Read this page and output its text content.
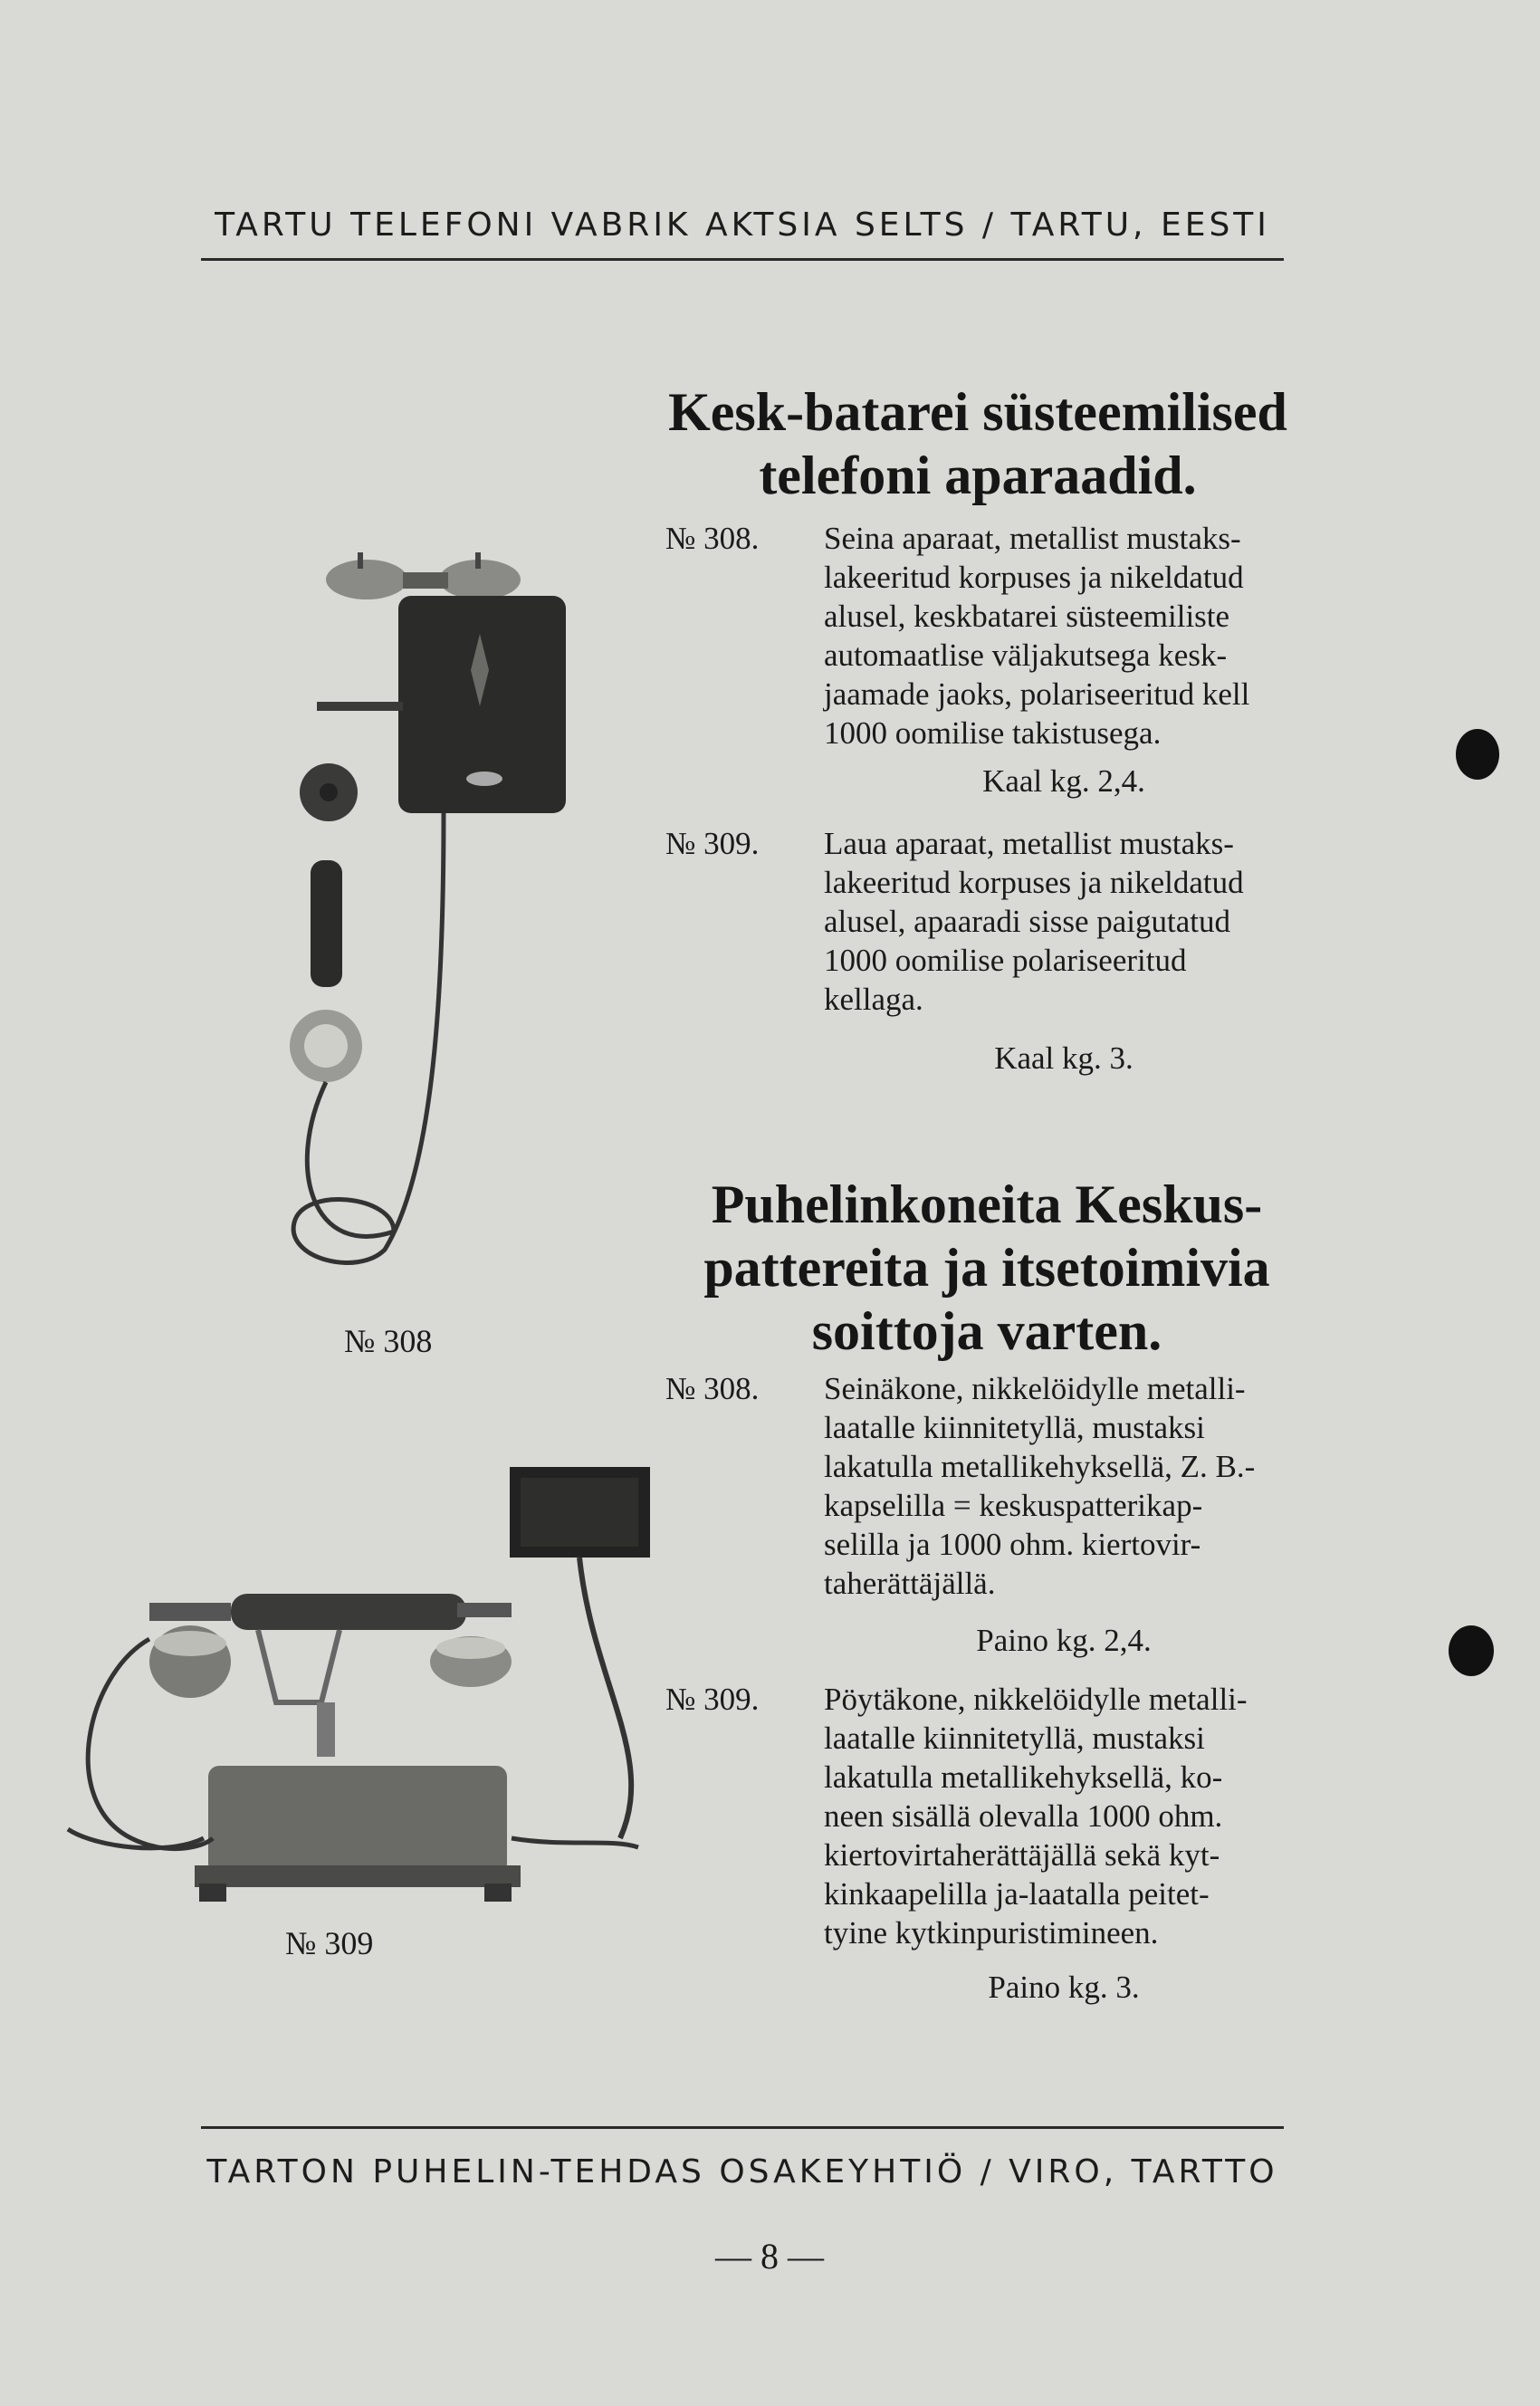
TARTU TELEFONI VABRIK AKTSIA SELTS / TARTU, EESTI
№ 308
№ 309
Kesk-batarei süsteemilised
telefoni aparaadid.
№ 308.	Seina aparaat, metallist mustaks-
lakeeritud korpuses ja nikeldatud
alusel, keskbatarei süsteemiliste
automaatlise väljakutsega kesk-
jaamade jaoks, polariseeritud kell
1000 oomilise takistusega.
Kaal kg. 2,4.
№ 309.	Laua aparaat, metallist mustaks-
lakeeritud korpuses ja nikeldatud
alusel, apaaradi sisse paigutatud
1000 oomilise polariseeritud
kellaga.
Kaal kg. 3.
Puhelinkoneita Keskus-
pattereita ja itsetoimivia
soittoja varten.
№ 308.	Seinäkone, nikkelöidylle metalli-
laatalle kiinnitetyllä, mustaksi
lakatulla metallikehyksellä, Z. B.-
kapselilla = keskuspatterikap-
selilla ja 1000 ohm. kiertovir-
taherättäjällä.
Paino kg. 2,4.
№ 309.	Pöytäkone, nikkelöidylle metalli-
laatalle kiinnitetyllä, mustaksi
lakatulla metallikehyksellä, ko-
neen sisällä olevalla 1000 ohm.
kiertovirtaherättäjällä sekä kyt-
kinkaapelilla ja-laatalla peitet-
tyine kytkinpuristimineen.
Paino kg. 3.
TARTON PUHELIN-TEHDAS OSAKEYHTIÖ / VIRO, TARTTO
— 8 —
